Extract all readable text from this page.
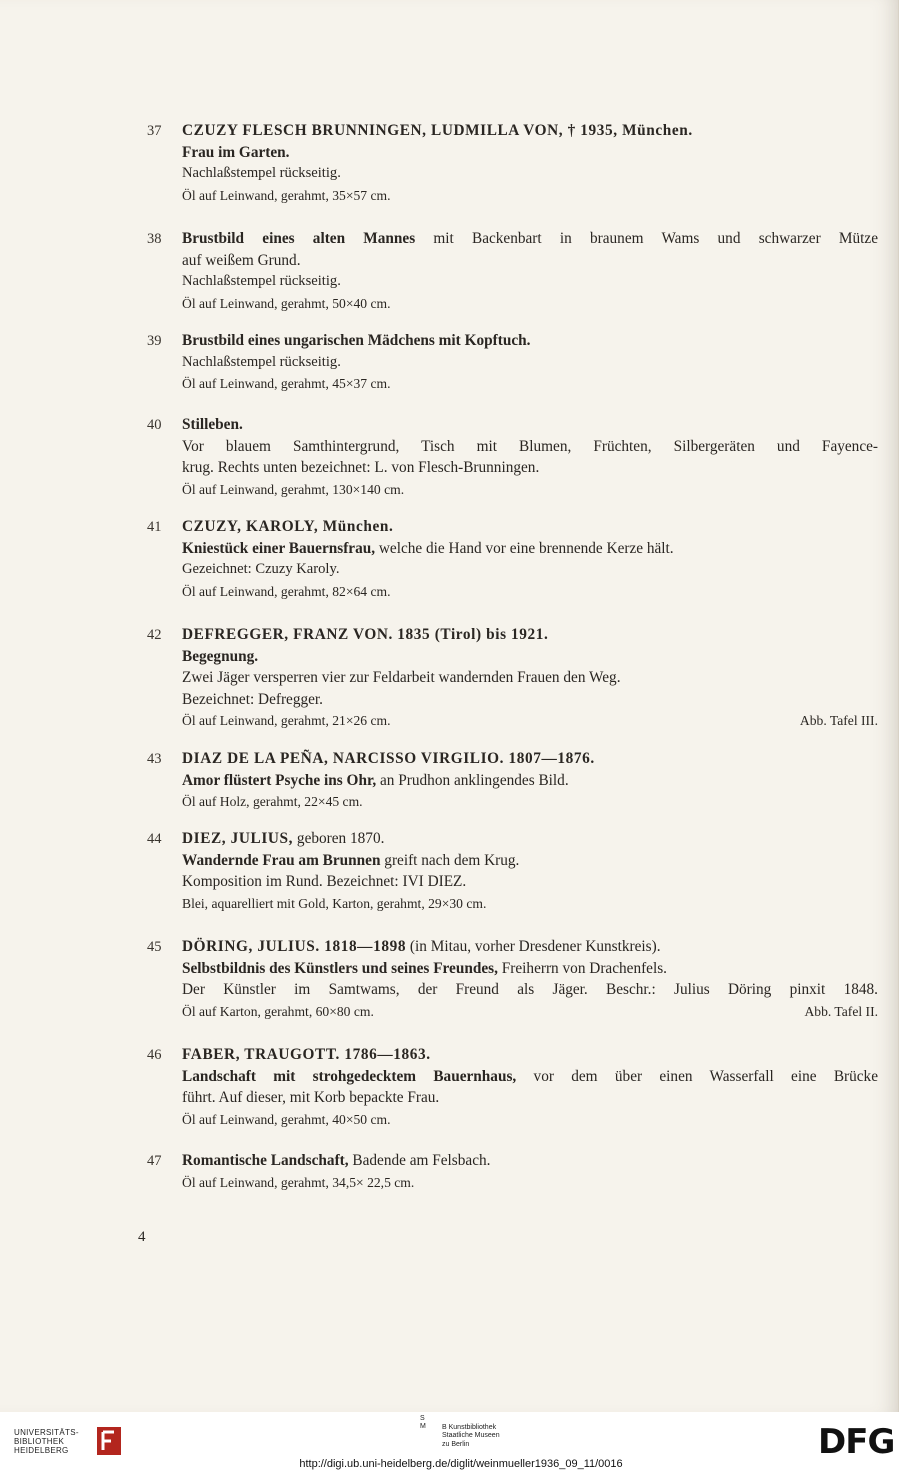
37 CZUZY FLESCH BRUNNINGEN, LUDMILLA VON, † 1935, München.
Frau im Garten.
Nachlaßstempel rückseitig.
Öl auf Leinwand, gerahmt, 35×57 cm.
38 Brustbild eines alten Mannes mit Backenbart in braunem Wams und schwarzer Mütze
auf weißem Grund.
Nachlaßstempel rückseitig.
Öl auf Leinwand, gerahmt, 50×40 cm.
39 Brustbild eines ungarischen Mädchens mit Kopftuch.
Nachlaßstempel rückseitig.
Öl auf Leinwand, gerahmt, 45×37 cm.
40 Stilleben.
Vor blauem Samthintergrund, Tisch mit Blumen, Früchten, Silbergeräten und Fayence-
krug. Rechts unten bezeichnet: L. von Flesch-Brunningen.
Öl auf Leinwand, gerahmt, 130×140 cm.
41 CZUZY, KAROLY, München.
Kniestück einer Bauernsfrau, welche die Hand vor eine brennende Kerze hält.
Gezeichnet: Czuzy Karoly.
Öl auf Leinwand, gerahmt, 82×64 cm.
42 DEFREGGER, FRANZ VON. 1835 (Tirol) bis 1921.
Begegnung.
Zwei Jäger versperren vier zur Feldarbeit wandernden Frauen den Weg.
Bezeichnet: Defregger.
Öl auf Leinwand, gerahmt, 21×26 cm.	Abb. Tafel III.
43 DIAZ DE LA PEÑA, NARCISSO VIRGILIO. 1807—1876.
Amor flüstert Psyche ins Ohr, an Prudhon anklingendes Bild.
Öl auf Holz, gerahmt, 22×45 cm.
44 DIEZ, JULIUS, geboren 1870.
Wandernde Frau am Brunnen greift nach dem Krug.
Komposition im Rund. Bezeichnet: IVI DIEZ.
Blei, aquarelliert mit Gold, Karton, gerahmt, 29×30 cm.
45 DÖRING, JULIUS. 1818—1898 (in Mitau, vorher Dresdener Kunstkreis).
Selbstbildnis des Künstlers und seines Freundes, Freiherrn von Drachenfels.
Der Künstler im Samtwams, der Freund als Jäger. Beschr.: Julius Döring pinxit 1848.
Öl auf Karton, gerahmt, 60×80 cm.	Abb. Tafel II.
46 FABER, TRAUGOTT. 1786—1863.
Landschaft mit strohgedecktem Bauernhaus, vor dem über einen Wasserfall eine Brücke
führt. Auf dieser, mit Korb bepackte Frau.
Öl auf Leinwand, gerahmt, 40×50 cm.
47 Romantische Landschaft, Badende am Felsbach.
Öl auf Leinwand, gerahmt, 34,5× 22,5 cm.
4
UNIVERSITÄTS-
BIBLIOTHEK
HEIDELBERG
S M B Kunstbibliothek
Staatliche Museen
zu Berlin	DFG
http://digi.ub.uni-heidelberg.de/diglit/weinmueller1936_09_11/0016
